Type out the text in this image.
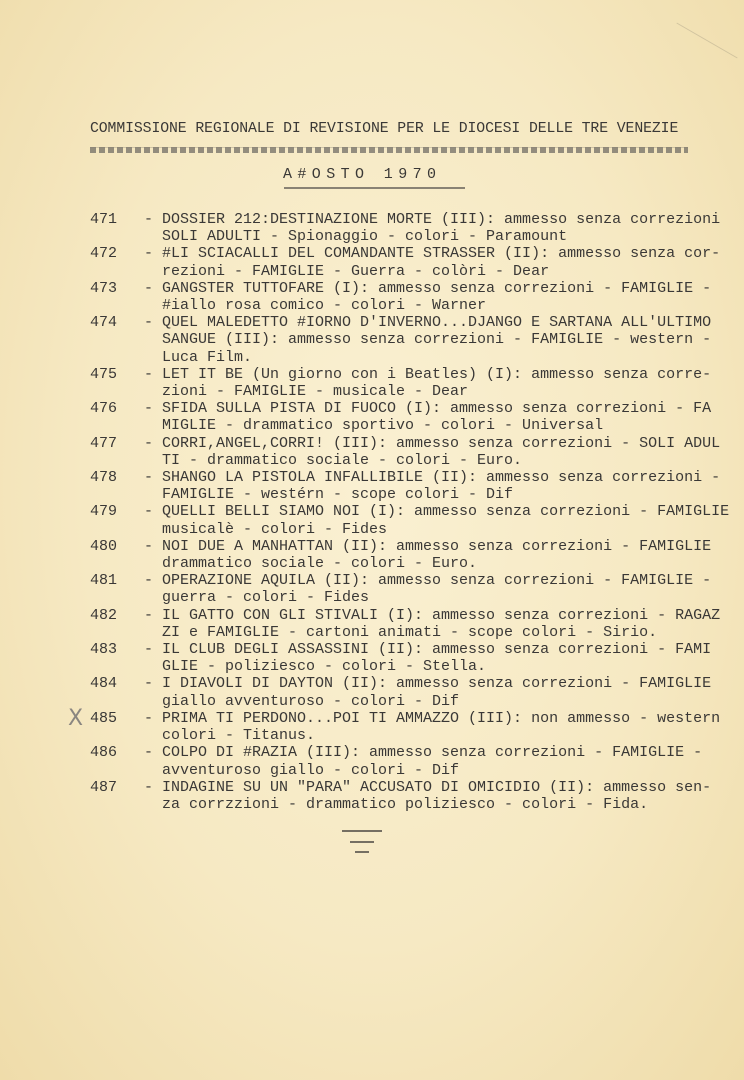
COMMISSIONE REGIONALE DI REVISIONE PER LE DIOCESI DELLE TRE VENEZIE
A#OSTO 1970
X
471	- DOSSIER 212:DESTINAZIONE MORTE (III): ammesso senza correzioni
SOLI ADULTI - Spionaggio - colori - Paramount
472	- #LI SCIACALLI DEL COMANDANTE STRASSER (II): ammesso senza cor-
rezioni - FAMIGLIE - Guerra - colòri - Dear
473	- GANGSTER TUTTOFARE (I): ammesso senza correzioni - FAMIGLIE -
#iallo rosa comico - colori - Warner
474	- QUEL MALEDETTO #IORNO D'INVERNO...DJANGO E SARTANA ALL'ULTIMO
SANGUE (III): ammesso senza correzioni - FAMIGLIE - western -
Luca Film.
475	- LET IT BE (Un giorno con i Beatles) (I): ammesso senza corre-
zioni - FAMIGLIE - musicale - Dear
476	- SFIDA SULLA PISTA DI FUOCO (I): ammesso senza correzioni - FA
MIGLIE - drammatico sportivo - colori - Universal
477	- CORRI,ANGEL,CORRI! (III): ammesso senza correzioni - SOLI ADUL
TI - drammatico sociale - colori - Euro.
478	- SHANGO LA PISTOLA INFALLIBILE (II): ammesso senza correzioni -
FAMIGLIE - westérn - scope colori - Dif
479	- QUELLI BELLI SIAMO NOI (I): ammesso senza correzioni - FAMIGLIE
musicalè - colori - Fides
480	- NOI DUE A MANHATTAN (II): ammesso senza correzioni - FAMIGLIE
drammatico sociale - colori - Euro.
481	- OPERAZIONE AQUILA (II): ammesso senza correzioni - FAMIGLIE -
guerra - colori - Fides
482	- IL GATTO CON GLI STIVALI (I): ammesso senza correzioni - RAGAZ
ZI e FAMIGLIE - cartoni animati - scope colori - Sirio.
483	- IL CLUB DEGLI ASSASSINI (II): ammesso senza correzioni - FAMI
GLIE - poliziesco - colori - Stella.
484	- I DIAVOLI DI DAYTON (II): ammesso senza correzioni - FAMIGLIE
giallo avventuroso - colori - Dif
485	- PRIMA TI PERDONO...POI TI AMMAZZO (III): non ammesso - western
colori - Titanus.
486	- COLPO DI #RAZIA (III): ammesso senza correzioni - FAMIGLIE -
avventuroso giallo - colori - Dif
487	- INDAGINE SU UN "PARA" ACCUSATO DI OMICIDIO (II): ammesso sen-
za corrzzioni - drammatico poliziesco - colori - Fida.
